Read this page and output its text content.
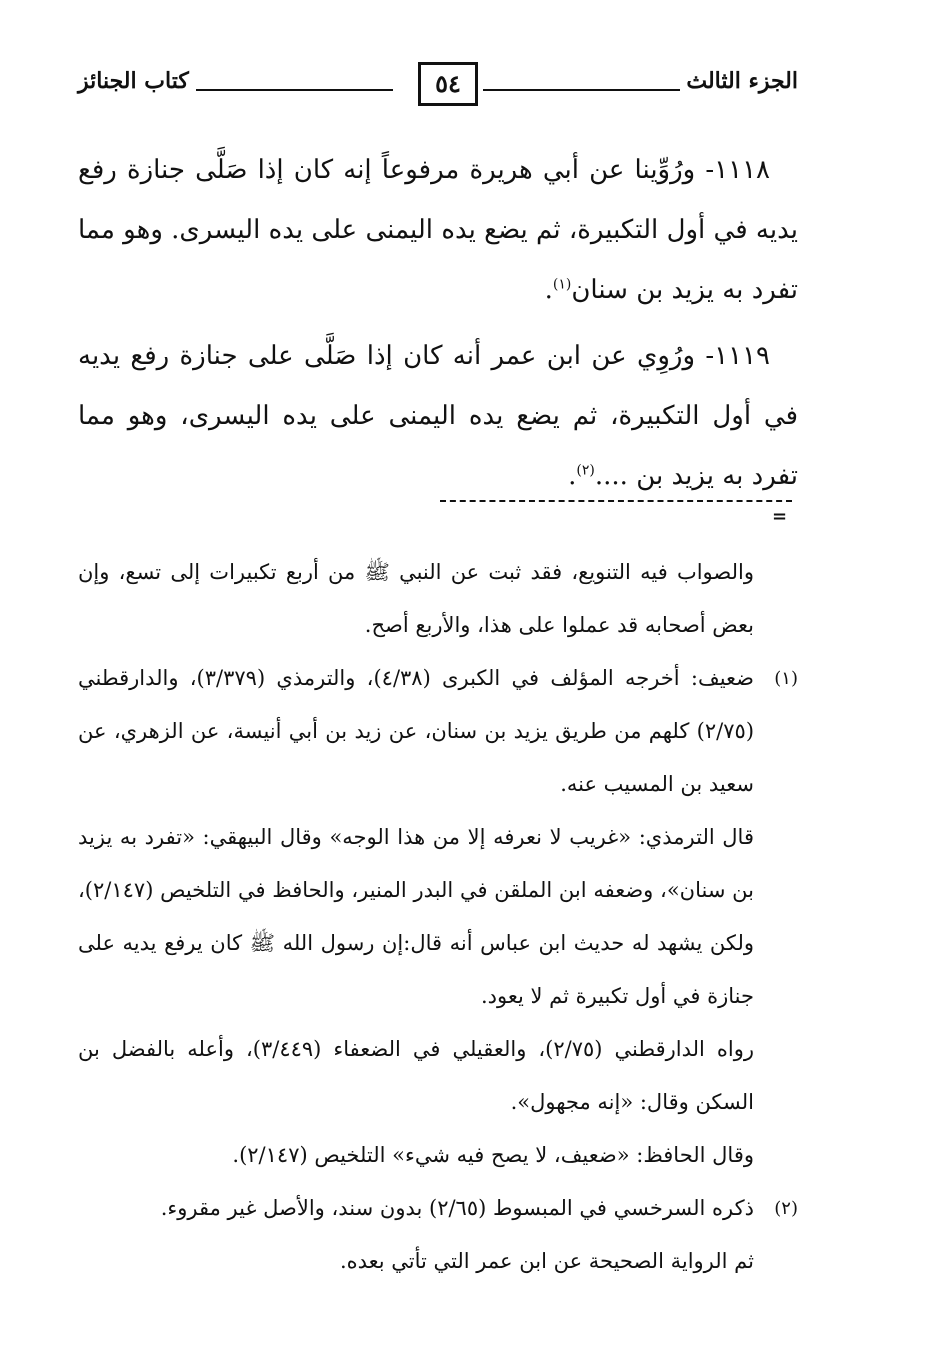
الجزء الثالث
٥٤
كتاب الجنائز

١١١٨- ورُوِّينا عن أبي هريرة مرفوعاً إنه كان إذا صَلَّى جنازة رفع يديه في أول التكبيرة، ثم يضع يده اليمنى على يده اليسرى. وهو مما تفرد به يزيد بن سنان$^{(١)}$.

١١١٩- ورُوِي عن ابن عمر أنه كان إذا صَلَّى على جنازة رفع يديه في أول التكبيرة، ثم يضع يده اليمنى على يده اليسرى، وهو مما تفرد به يزيد بن ....$^{(٢)}$.

=

والصواب فيه التنويع، فقد ثبت عن النبي ﷺ من أربع تكبيرات إلى تسع، وإن بعض أصحابه قد عملوا على هذا، والأربع أصح.

(١)

ضعيف: أخرجه المؤلف في الكبرى (٤/٣٨)، والترمذي (٣/٣٧٩)، والدارقطني (٢/٧٥) كلهم من طريق يزيد بن سنان، عن زيد بن أبي أنيسة، عن الزهري، عن سعيد بن المسيب عنه.

قال الترمذي: «غريب لا نعرفه إلا من هذا الوجه» وقال البيهقي: «تفرد به يزيد بن سنان»، وضعفه ابن الملقن في البدر المنير، والحافظ في التلخيص (٢/١٤٧)، ولكن يشهد له حديث ابن عباس أنه قال:إن رسول الله ﷺ كان يرفع يديه على جنازة في أول تكبيرة ثم لا يعود.

رواه الدارقطني (٢/٧٥)، والعقيلي في الضعفاء (٣/٤٤٩)، وأعله بالفضل بن السكن وقال: «إنه مجهول».

وقال الحافظ: «ضعيف، لا يصح فيه شيء» التلخيص (٢/١٤٧).

(٢)

ذكره السرخسي في المبسوط (٢/٦٥) بدون سند، والأصل غير مقروء.

ثم الرواية الصحيحة عن ابن عمر التي تأتي بعده.
